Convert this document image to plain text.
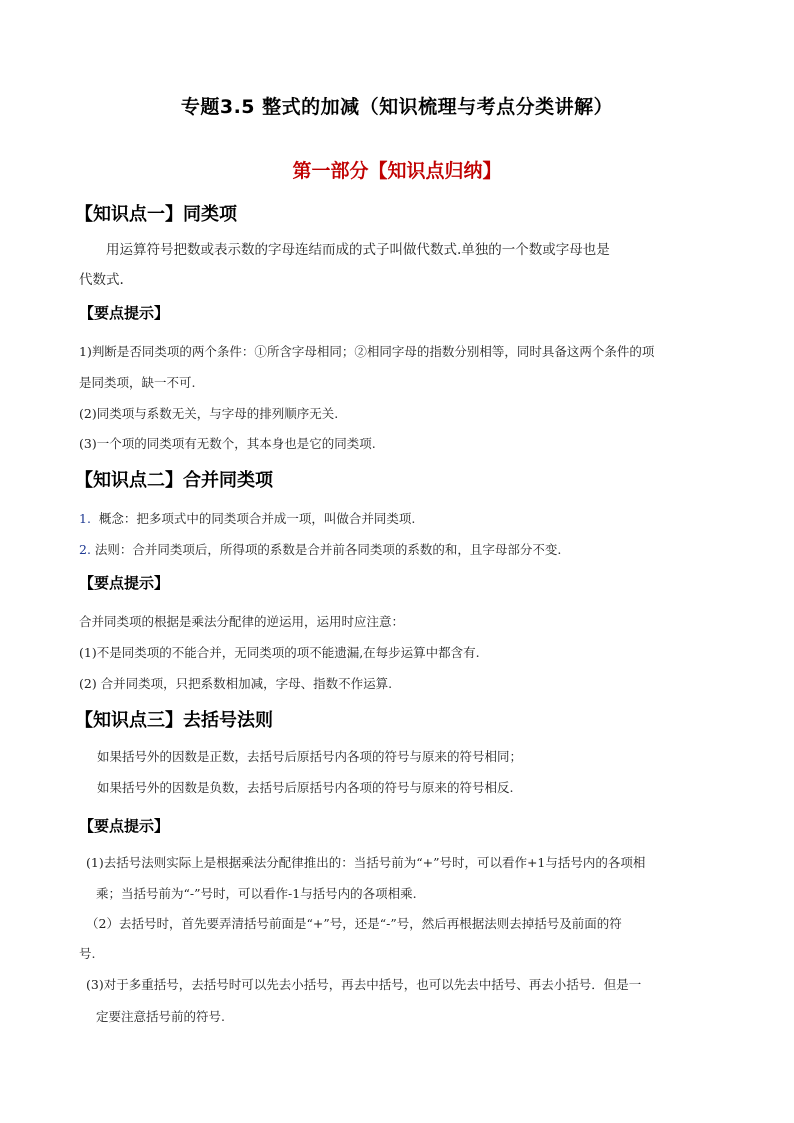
专题3.5 整式的加减（知识梳理与考点分类讲解）
第一部分【知识点归纳】
【知识点一】同类项
用运算符号把数或表示数的字母连结而成的式子叫做代数式.单独的一个数或字母也是
代数式.
【要点提示】
1)判断是否同类项的两个条件：①所含字母相同；②相同字母的指数分别相等，同时具备这两个条件的项
是同类项，缺一不可.
(2)同类项与系数无关，与字母的排列顺序无关.
(3)一个项的同类项有无数个，其本身也是它的同类项.
【知识点二】合并同类项
1. 概念：把多项式中的同类项合并成一项，叫做合并同类项.
2. 法则：合并同类项后，所得项的系数是合并前各同类项的系数的和，且字母部分不变.
【要点提示】
合并同类项的根据是乘法分配律的逆运用，运用时应注意：
(1)不是同类项的不能合并，无同类项的项不能遗漏,在每步运算中都含有.
(2) 合并同类项，只把系数相加减，字母、指数不作运算.
【知识点三】去括号法则
如果括号外的因数是正数，去括号后原括号内各项的符号与原来的符号相同；
如果括号外的因数是负数，去括号后原括号内各项的符号与原来的符号相反.
【要点提示】
(1)去括号法则实际上是根据乘法分配律推出的：当括号前为“+”号时，可以看作+1与括号内的各项相
乘；当括号前为“-”号时，可以看作-1与括号内的各项相乘.
（2）去括号时，首先要弄清括号前面是“+”号，还是“-”号，然后再根据法则去掉括号及前面的符
号.
(3)对于多重括号，去括号时可以先去小括号，再去中括号，也可以先去中括号、再去小括号．但是一
定要注意括号前的符号.
